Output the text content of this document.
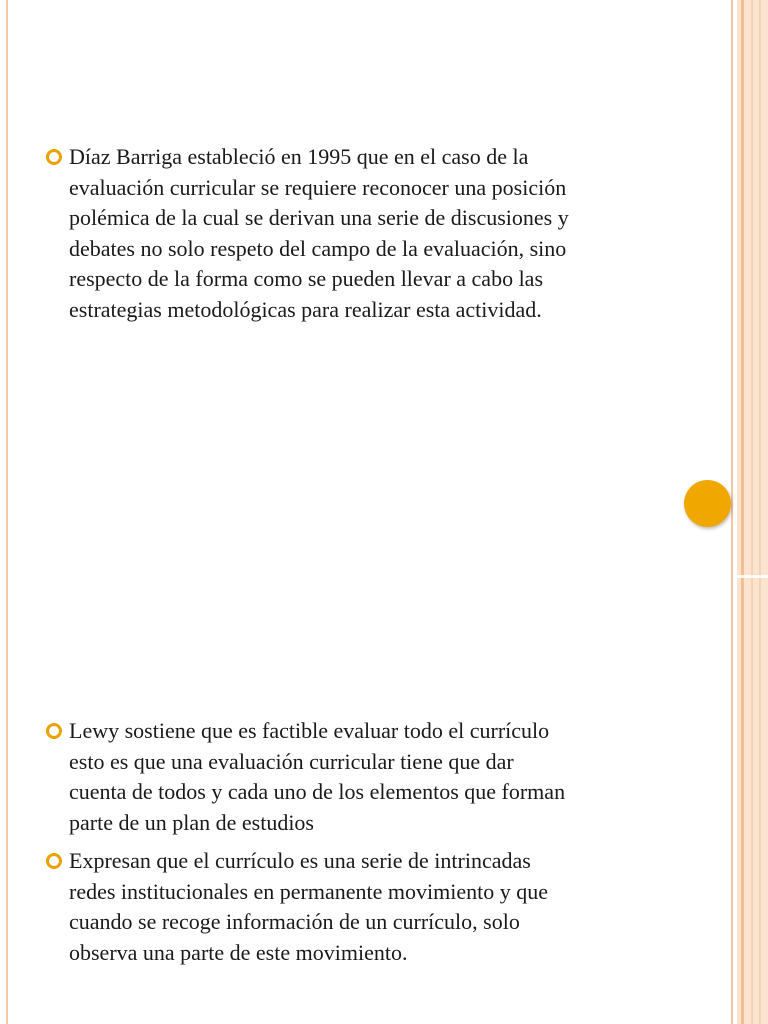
Díaz Barriga estableció en 1995 que en el caso de la
evaluación curricular se requiere reconocer una posición
polémica de la cual se derivan una serie de discusiones y
debates no solo respeto del campo de la evaluación, sino
respecto de la forma como se pueden llevar a cabo las
estrategias metodológicas para realizar esta actividad.
Lewy sostiene que es factible evaluar todo el currículo
esto es que una evaluación curricular tiene que dar
cuenta de todos y cada uno de los elementos que forman
parte de un plan de estudios
Expresan que el currículo es una serie de intrincadas
redes institucionales en permanente movimiento y que
cuando se recoge información de un currículo, solo
observa una parte de este movimiento.
